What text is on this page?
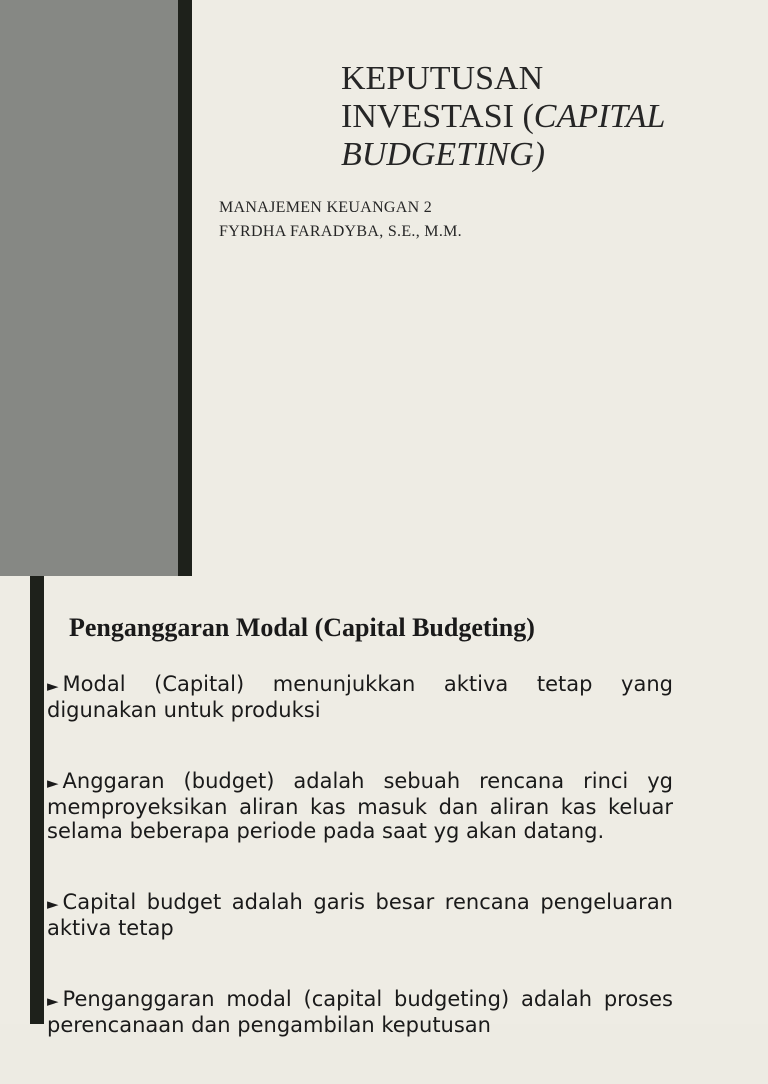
KEPUTUSAN
INVESTASI (CAPITAL
BUDGETING)
MANAJEMEN KEUANGAN 2
FYRDHA FARADYBA, S.E., M.M.
Penganggaran Modal (Capital Budgeting)

► Modal (Capital) menunjukkan aktiva tetap yang digunakan untuk produksi

► Anggaran (budget) adalah sebuah rencana rinci yg memproyeksikan aliran kas masuk dan aliran kas keluar selama beberapa periode pada saat yg akan datang.

► Capital budget adalah garis besar rencana pengeluaran aktiva tetap

► Penganggaran modal (capital budgeting) adalah proses perencanaan dan pengambilan keputusan
